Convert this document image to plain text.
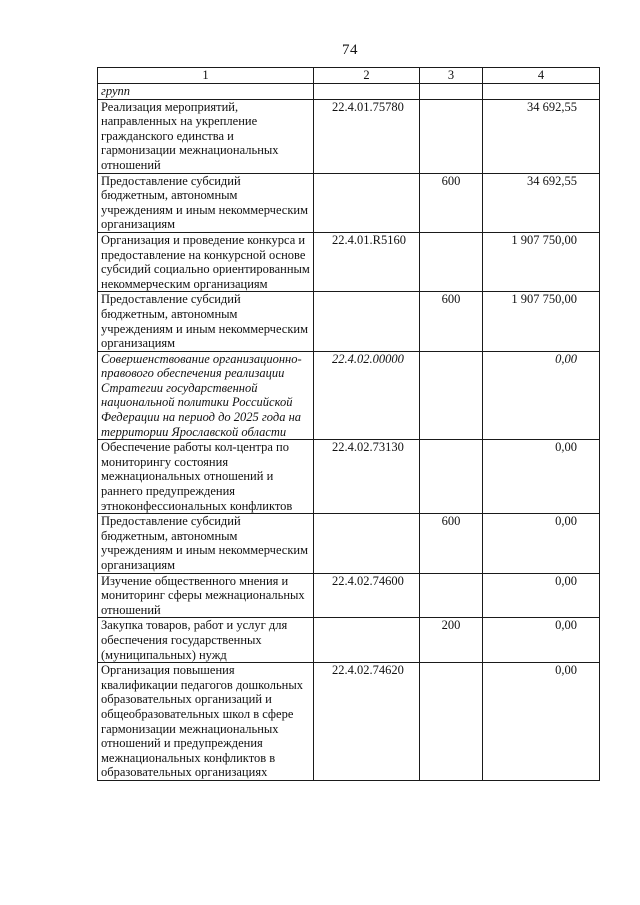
74
1	2	3	4
групп			
Реализация мероприятий, направленных на укрепление гражданского единства и гармонизации межнациональных отношений	22.4.01.75780		34 692,55
Предоставление субсидий бюджетным, автономным учреждениям и иным некоммерческим организациям		600	34 692,55
Организация и проведение конкурса и предоставление на конкурсной основе субсидий социально ориентированным некоммерческим организациям	22.4.01.R5160		1 907 750,00
Предоставление субсидий бюджетным, автономным учреждениям и иным некоммерческим организациям		600	1 907 750,00
Совершенствование организационно-правового обеспечения реализации Стратегии государственной национальной политики Российской Федерации на период до 2025 года на территории Ярославской области	22.4.02.00000		0,00
Обеспечение работы кол-центра по мониторингу состояния межнациональных отношений и раннего предупреждения этноконфессиональных конфликтов	22.4.02.73130		0,00
Предоставление субсидий бюджетным, автономным учреждениям и иным некоммерческим организациям		600	0,00
Изучение общественного мнения и мониторинг сферы межнациональных отношений	22.4.02.74600		0,00
Закупка товаров, работ и услуг для обеспечения государственных (муниципальных) нужд		200	0,00
Организация повышения квалификации педагогов дошкольных образовательных организаций и общеобразовательных школ в сфере гармонизации межнациональных отношений и предупреждения межнациональных конфликтов в образовательных организациях	22.4.02.74620		0,00
